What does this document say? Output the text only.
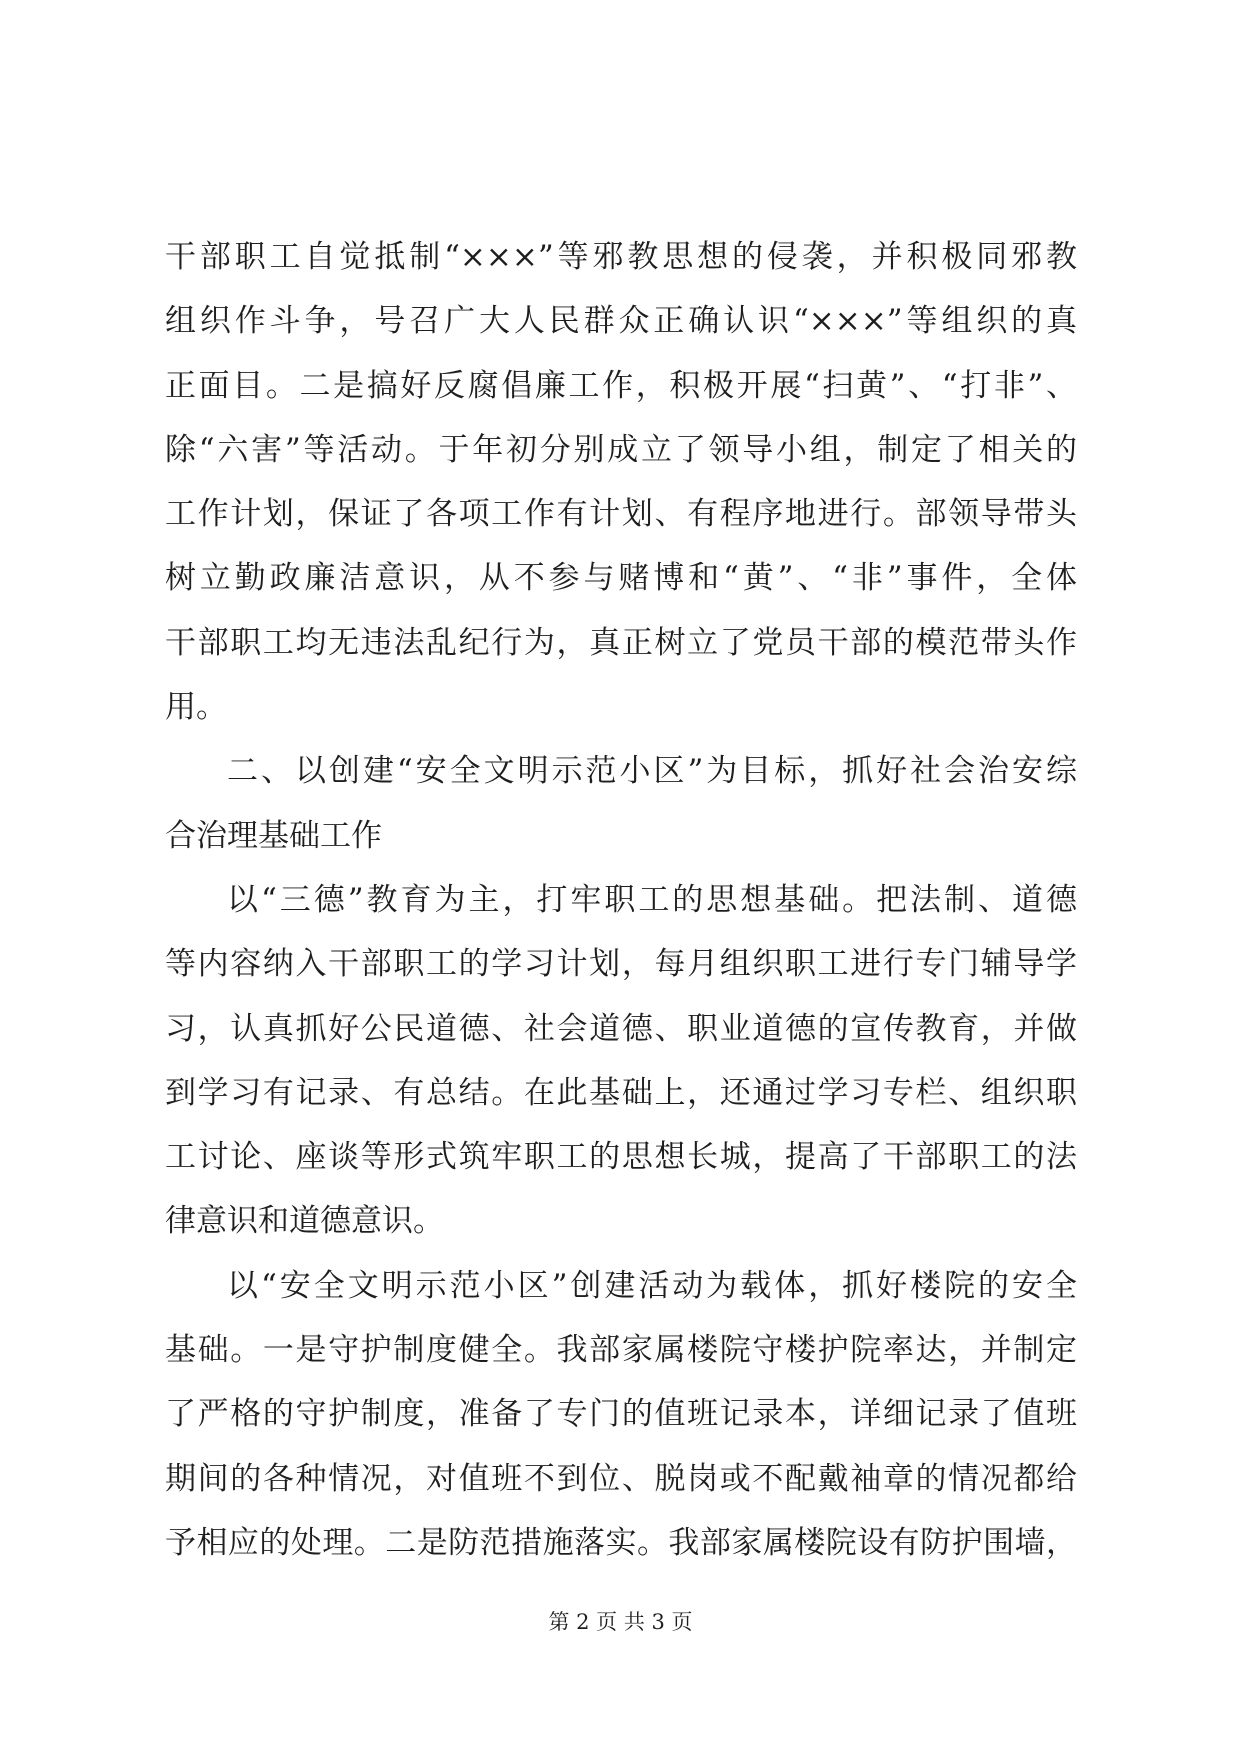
干部职工自觉抵制“×××”等邪教思想的侵袭，并积极同邪教
组织作斗争，号召广大人民群众正确认识“×××”等组织的真
正面目。二是搞好反腐倡廉工作，积极开展“扫黄”、“打非”、
除“六害”等活动。于年初分别成立了领导小组，制定了相关的
工作计划，保证了各项工作有计划、有程序地进行。部领导带头
树立勤政廉洁意识，从不参与赌博和“黄”、“非”事件，全体
干部职工均无违法乱纪行为，真正树立了党员干部的模范带头作
用。
二、以创建“安全文明示范小区”为目标，抓好社会治安综
合治理基础工作
以“三德”教育为主，打牢职工的思想基础。把法制、道德
等内容纳入干部职工的学习计划，每月组织职工进行专门辅导学
习，认真抓好公民道德、社会道德、职业道德的宣传教育，并做
到学习有记录、有总结。在此基础上，还通过学习专栏、组织职
工讨论、座谈等形式筑牢职工的思想长城，提高了干部职工的法
律意识和道德意识。
以“安全文明示范小区”创建活动为载体，抓好楼院的安全
基础。一是守护制度健全。我部家属楼院守楼护院率达，并制定
了严格的守护制度，准备了专门的值班记录本，详细记录了值班
期间的各种情况，对值班不到位、脱岗或不配戴袖章的情况都给
予相应的处理。二是防范措施落实。我部家属楼院设有防护围墙，
第 2 页 共 3 页
